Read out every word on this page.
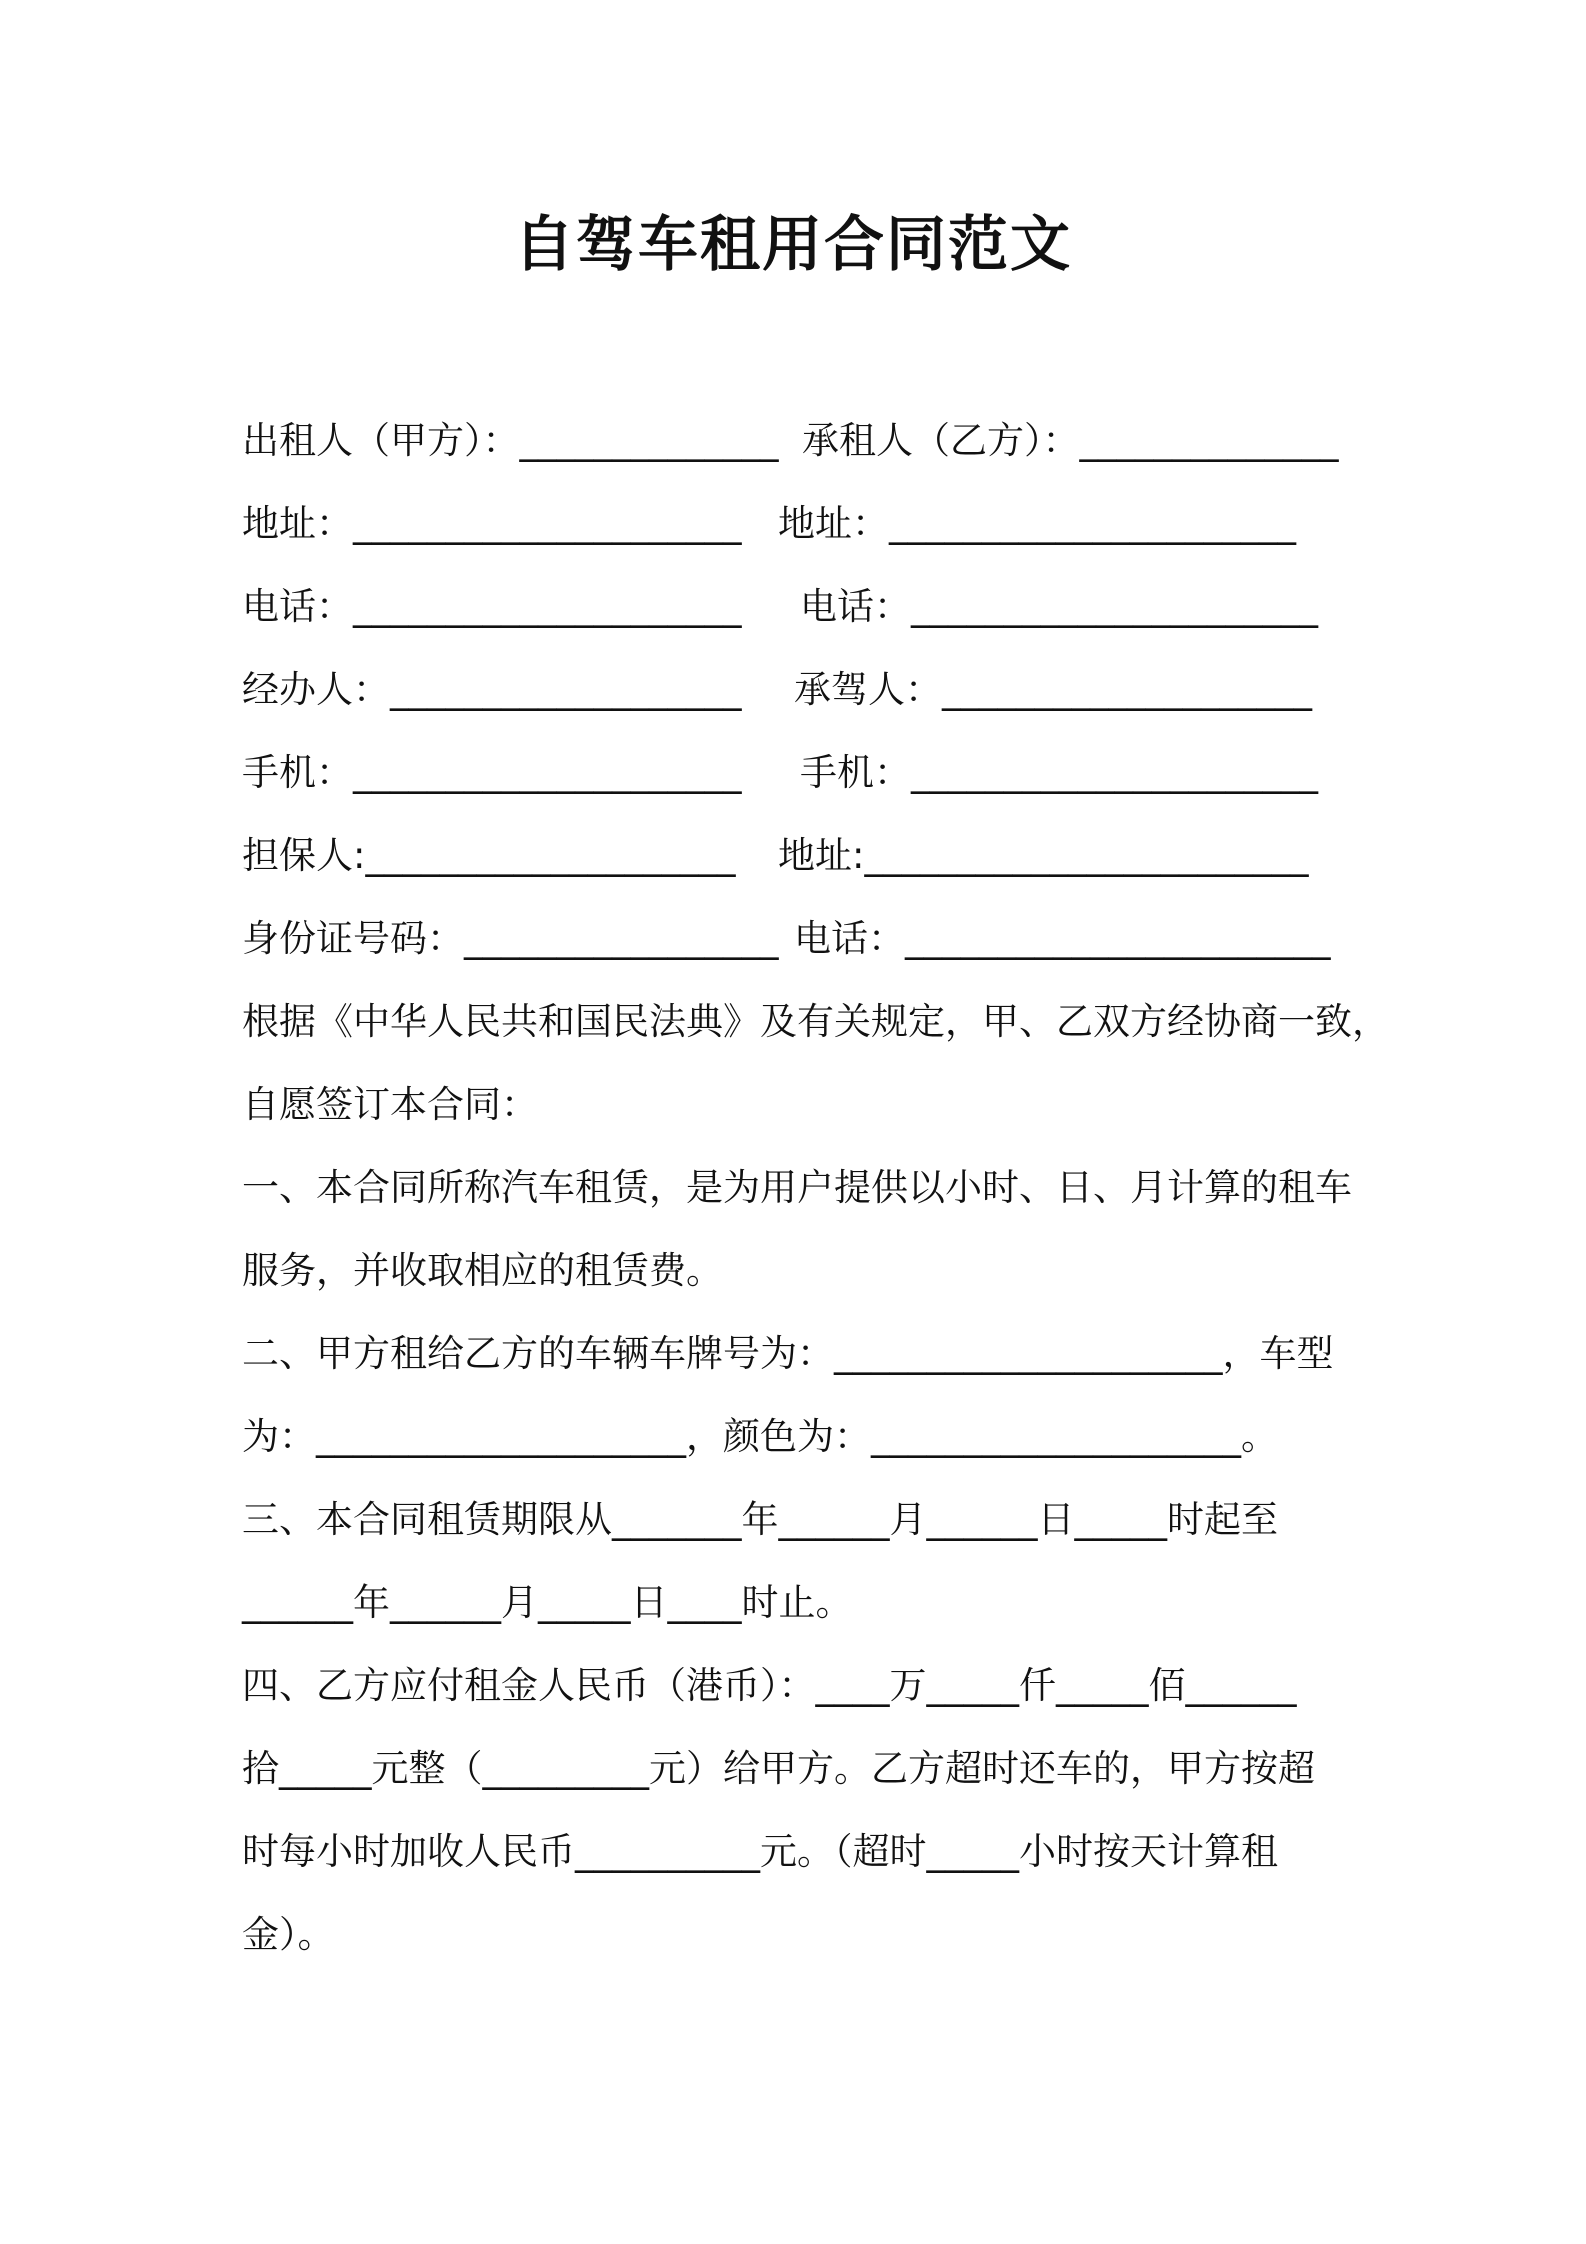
自驾车租用合同范文
出租人（甲方）：______________ 承租人（乙方）：______________
地址：_____________________ 地址：______________________
电话：_____________________ 电话：______________________
经办人：___________________ 承驾人：____________________
手机：_____________________ 手机：______________________
担保人:____________________ 地址:________________________
身份证号码：_________________ 电话：_______________________
根据《中华人民共和国民法典》及有关规定，甲、乙双方经协商一致，
自愿签订本合同：
一、本合同所称汽车租赁，是为用户提供以小时、日、月计算的租车
服务，并收取相应的租赁费。
二、甲方租给乙方的车辆车牌号为：_____________________，车型
为：____________________，颜色为：____________________。
三、本合同租赁期限从_______年______月______日_____时起至
______年______月_____日____时止。
四、乙方应付租金人民币（港币）：____万_____仟_____佰______
拾_____元整（_________元）给甲方。乙方超时还车的，甲方按超
时每小时加收人民币__________元。（超时_____小时按天计算租
金）。
